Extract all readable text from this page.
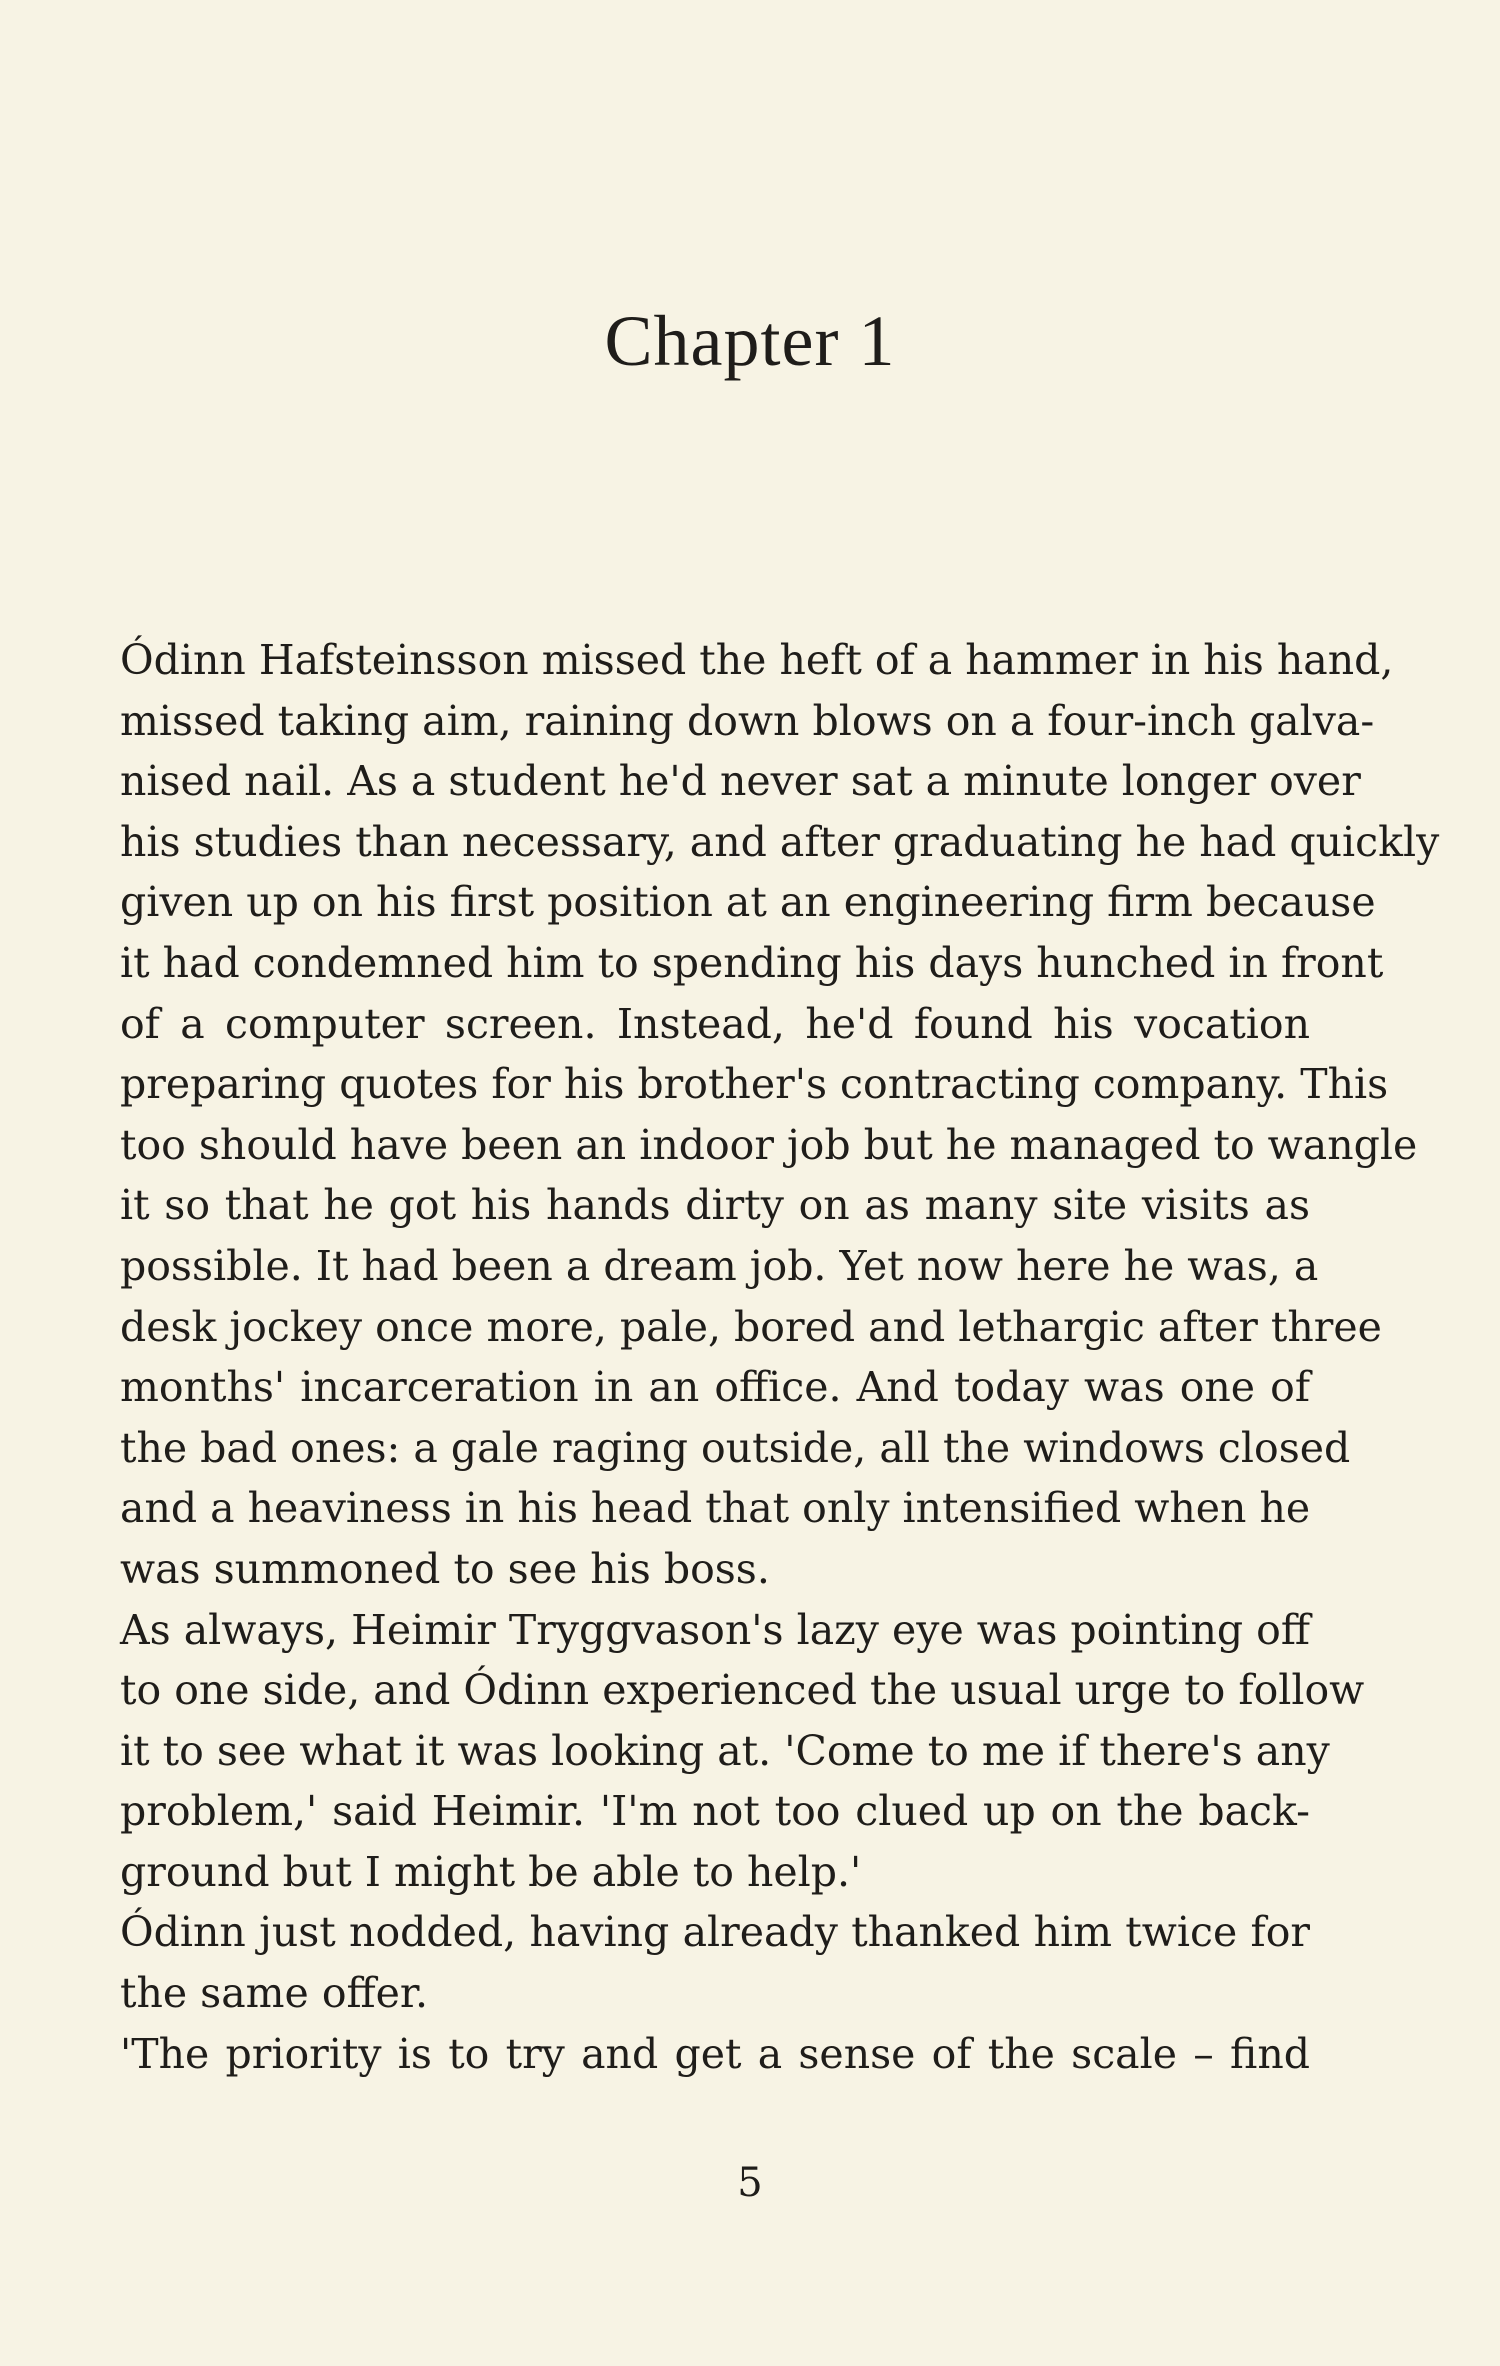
Chapter 1
Ódinn Hafsteinsson missed the heft of a hammer in his hand,
missed taking aim, raining down blows on a four-inch galva-
nised nail. As a student he'd never sat a minute longer over
his studies than necessary, and after graduating he had quickly
given up on his first position at an engineering firm because
it had condemned him to spending his days hunched in front
of a computer screen. Instead, he'd found his vocation
preparing quotes for his brother's contracting company. This
too should have been an indoor job but he managed to wangle
it so that he got his hands dirty on as many site visits as
possible. It had been a dream job. Yet now here he was, a
desk jockey once more, pale, bored and lethargic after three
months' incarceration in an office. And today was one of
the bad ones: a gale raging outside, all the windows closed
and a heaviness in his head that only intensified when he
was summoned to see his boss.
As always, Heimir Tryggvason's lazy eye was pointing off
to one side, and Ódinn experienced the usual urge to follow
it to see what it was looking at. 'Come to me if there's any
problem,' said Heimir. 'I'm not too clued up on the back-
ground but I might be able to help.'
Ódinn just nodded, having already thanked him twice for
the same offer.
'The priority is to try and get a sense of the scale – find
5
